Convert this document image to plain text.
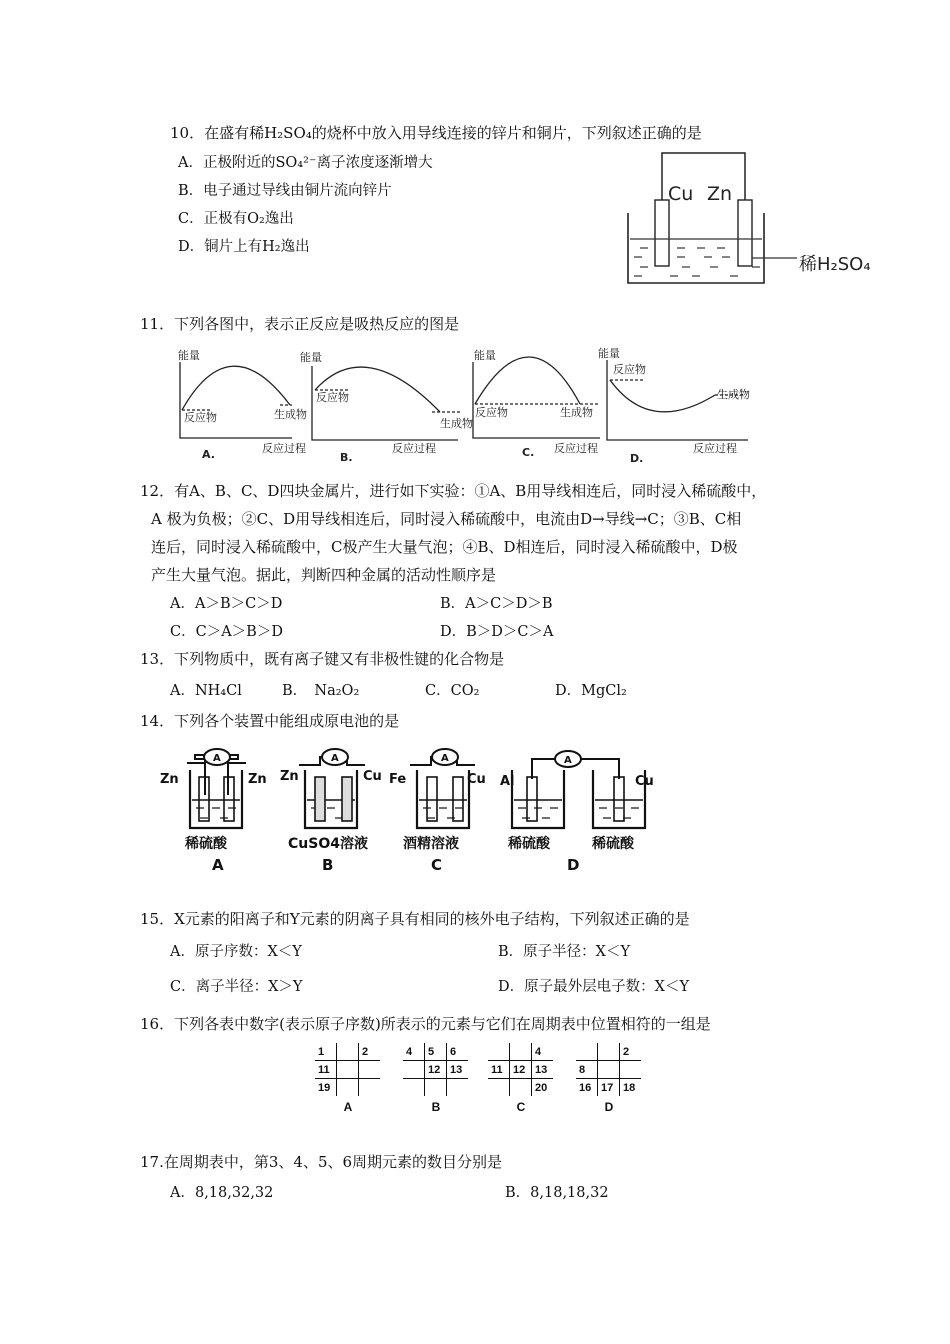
10．在盛有稀H₂SO₄的烧杯中放入用导线连接的锌片和铜片，下列叙述正确的是
A．正极附近的SO₄²⁻离子浓度逐渐增大
B．电子通过导线由铜片流向锌片
C．正极有O₂逸出
D．铜片上有H₂逸出
Cu Zn
稀H₂SO₄
11．下列各图中，表示正反应是吸热反应的图是
能量
反应过程
反应物	生成物
A.
能量
反应过程
反应物
生成物
B.
能量
反应过程
反应物	生成物
C.
能量
反应过程
反应物
生成物
D.
12．有A、B、C、D四块金属片，进行如下实验：①A、B用导线相连后，同时浸入稀硫酸中，
A 极为负极；②C、D用导线相连后，同时浸入稀硫酸中，电流由D→导线→C；③B、C相
连后，同时浸入稀硫酸中，C极产生大量气泡；④B、D相连后，同时浸入稀硫酸中，D极
产生大量气泡。据此，判断四种金属的活动性顺序是
A．A＞B＞C＞D	B．A＞C＞D＞B
C．C＞A＞B＞D	D．B＞D＞C＞A
13．下列物质中，既有离子键又有非极性键的化合物是
A．NH₄Cl	B．　Na₂O₂	C．CO₂	D．MgCl₂
14．下列各个装置中能组成原电池的是
A
Zn	Zn
稀硫酸
A
Zn	Cu
CuSO4溶液
B
Fe	Cu
酒精溶液
C
Al	Cu
稀硫酸	稀硫酸
D
15．X元素的阳离子和Y元素的阴离子具有相同的核外电子结构，下列叙述正确的是
A．原子序数：X＜Y	B．原子半径：X＜Y
C．离子半径：X＞Y	D．原子最外层电子数：X＜Y
16．下列各表中数字(表示原子序数)所表示的元素与它们在周期表中位置相符的一组是
1		2
11		
19		
A
4	5	6
	12	13

B
		4
11	12	13
		20
C
		2
8		
16	17	18
D
17.在周期表中，第3、4、5、6周期元素的数目分别是
A．8,18,32,32	B．8,18,18,32
